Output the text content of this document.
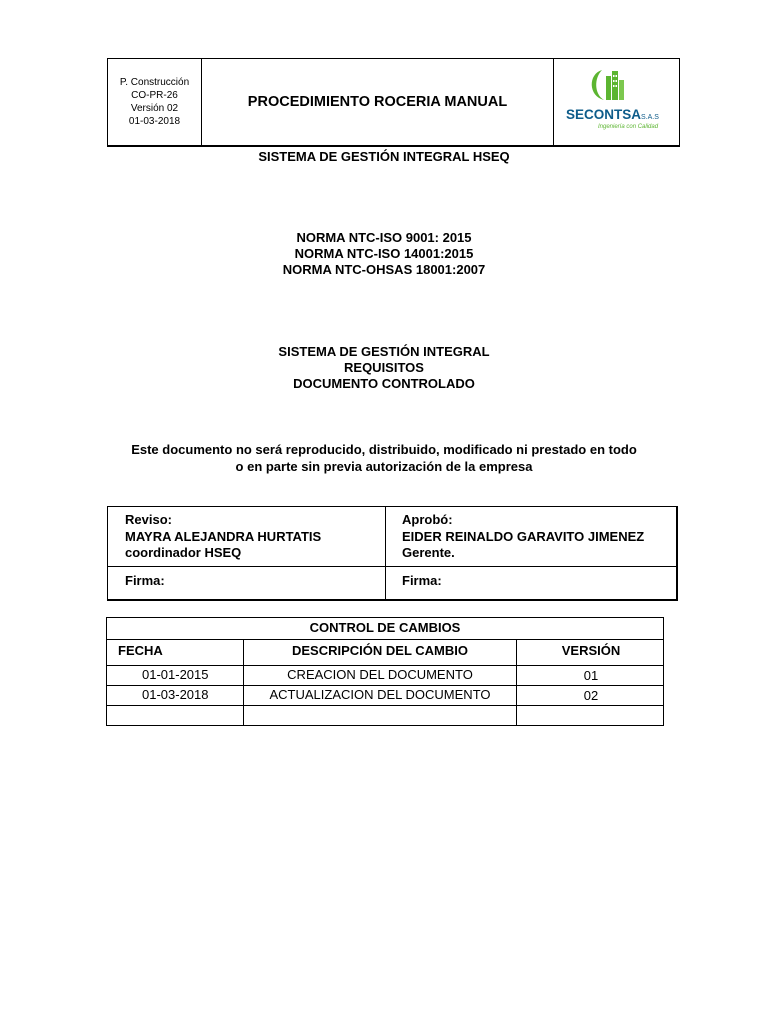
P. Construcción
CO-PR-26
Versión 02
01-03-2018
PROCEDIMIENTO ROCERIA MANUAL
SECONTSA S.A.S
Ingeniería con Calidad
SISTEMA DE GESTIÓN INTEGRAL HSEQ
NORMA NTC-ISO 9001: 2015
NORMA NTC-ISO 14001:2015
NORMA NTC-OHSAS 18001:2007
SISTEMA DE GESTIÓN INTEGRAL
REQUISITOS
DOCUMENTO CONTROLADO
Este documento no será reproducido, distribuido, modificado ni prestado en todo
o en parte sin previa autorización de la empresa
Reviso:
MAYRA ALEJANDRA HURTATIS
coordinador HSEQ
Aprobó:
EIDER REINALDO GARAVITO JIMENEZ
Gerente.
Firma:	Firma:
CONTROL DE CAMBIOS
FECHA	DESCRIPCIÓN DEL CAMBIO	VERSIÓN
01-01-2015	CREACION DEL DOCUMENTO	01
01-03-2018	ACTUALIZACION DEL DOCUMENTO	02
